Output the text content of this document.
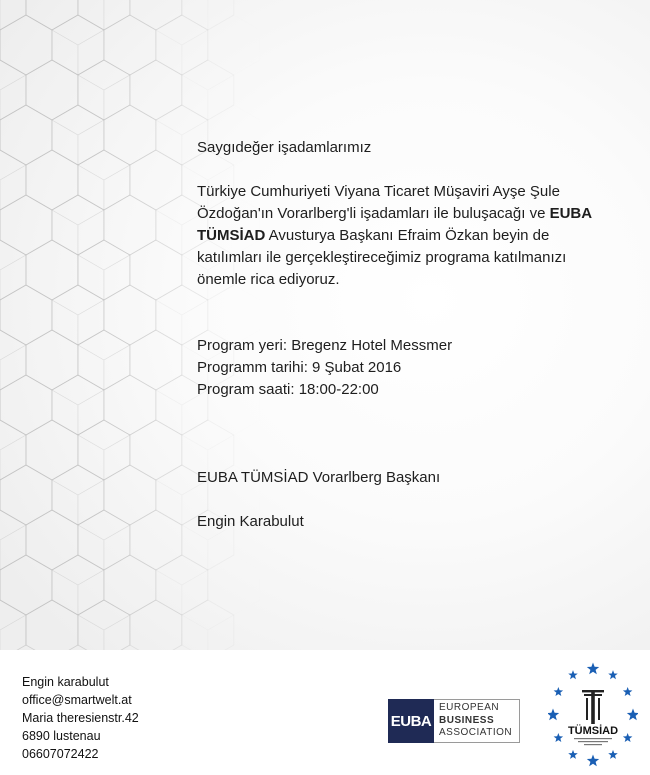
Saygıdeğer işadamlarımız

Türkiye Cumhuriyeti Viyana Ticaret Müşaviri Ayşe Şule Özdoğan'ın Vorarlberg'li işadamları ile buluşacağı ve EUBA TÜMSİAD Avusturya Başkanı Efraim Özkan beyin de katılımları ile gerçekleştireceğimiz programa katılmanızı önemle rica ediyoruz.

Program yeri: Bregenz Hotel Messmer

Programm tarihi: 9 Şubat 2016

Program saati: 18:00-22:00

EUBA TÜMSİAD Vorarlberg Başkanı

Engin Karabulut

Engin karabulut
office@smartwelt.at
Maria theresienstr.42
6890 lustenau
06607072422
EUBA
EUROPEAN
BUSINESS
ASSOCIATION	TÜMSİAD
